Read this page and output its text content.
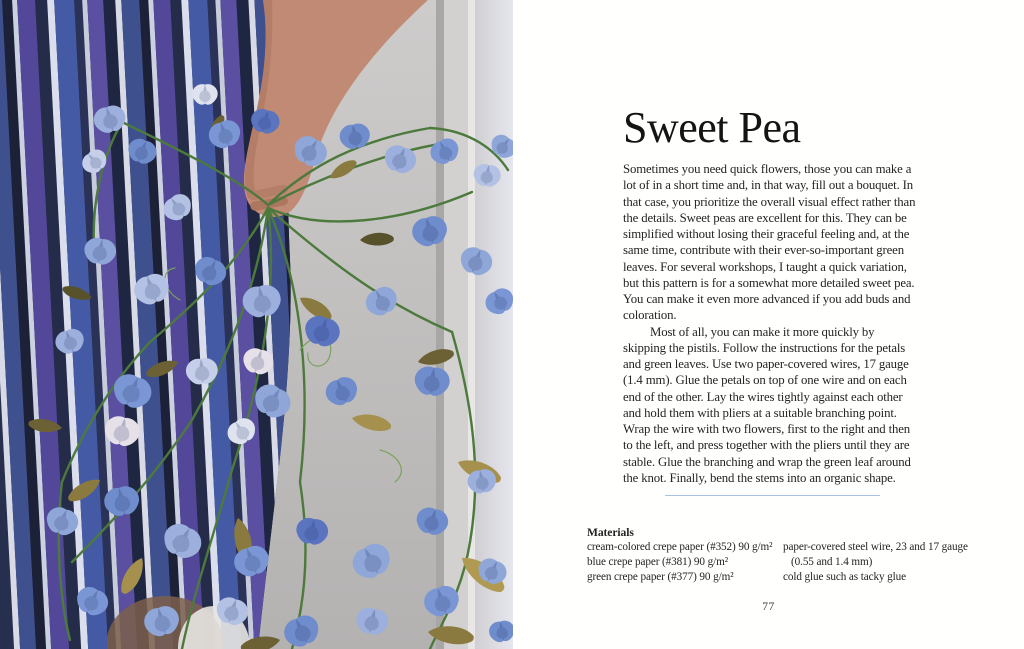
Sweet Pea

Sometimes you need quick flowers, those you can make a lot of in a short time and, in that way, fill out a bouquet. In that case, you prioritize the overall visual effect rather than the details. Sweet peas are excellent for this. They can be simplified without losing their graceful feeling and, at the same time, contribute with their ever-so-important green leaves. For several workshops, I taught a quick variation, but this pattern is for a somewhat more detailed sweet pea. You can make it even more advanced if you add buds and coloration.

Most of all, you can make it more quickly by skipping the pistils. Follow the instructions for the petals and green leaves. Use two paper-covered wires, 17 gauge (1.4 mm). Glue the petals on top of one wire and on each end of the other. Lay the wires tightly against each other and hold them with pliers at a suitable branching point. Wrap the wire with two flowers, first to the right and then to the left, and press together with the pliers until they are stable. Glue the branching and wrap the green leaf around the knot. Finally, bend the stems into an organic shape.

Materials
cream-colored crepe paper (#352) 90 g/m²
blue crepe paper (#381) 90 g/m²
green crepe paper (#377) 90 g/m²
paper-covered steel wire, 23 and 17 gauge
(0.55 and 1.4 mm)
cold glue such as tacky glue
77
